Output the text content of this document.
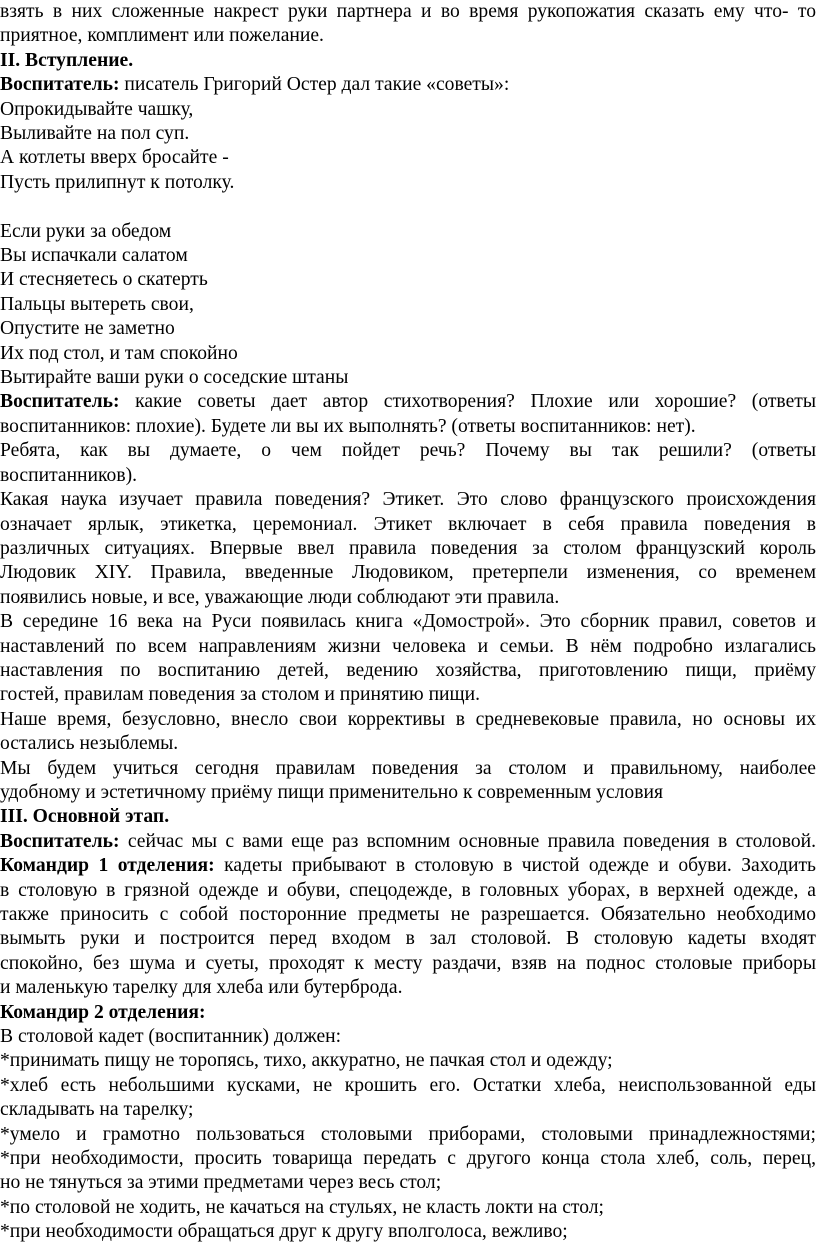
взять в них сложенные накрест руки партнера и во время рукопожатия сказать ему что- то

приятное, комплимент или пожелание.

II. Вступление.

Воспитатель: писатель Григорий Остер дал такие «советы»:

Опрокидывайте чашку,

Выливайте на пол суп.

А котлеты вверх бросайте -

Пусть прилипнут к потолку.

Если руки за обедом

Вы испачкали салатом

И стесняетесь о скатерть

Пальцы вытереть свои,

Опустите не заметно

Их под стол, и там спокойно

Вытирайте ваши руки о соседские штаны

Воспитатель: какие советы дает автор стихотворения? Плохие или хорошие? (ответы

воспитанников: плохие). Будете ли вы их выполнять? (ответы воспитанников: нет).

Ребята, как вы думаете, о чем пойдет речь? Почему вы так решили? (ответы

воспитанников).

Какая наука изучает правила поведения? Этикет. Это слово французского происхождения

означает ярлык, этикетка, церемониал. Этикет включает в себя правила поведения в

различных ситуациях. Впервые ввел правила поведения за столом французский король

Людовик XIY. Правила, введенные Людовиком, претерпели изменения, со временем

появились новые, и все, уважающие люди соблюдают эти правила.

В середине 16 века на Руси появилась книга «Домострой». Это сборник правил, советов и

наставлений по всем направлениям жизни человека и семьи. В нём подробно излагались

наставления по воспитанию детей, ведению хозяйства, приготовлению пищи, приёму

гостей, правилам поведения за столом и принятию пищи.

Наше время, безусловно, внесло свои коррективы в средневековые правила, но основы их

остались незыблемы.

Мы будем учиться сегодня правилам поведения за столом и правильному, наиболее

удобному и эстетичному приёму пищи применительно к современным условия

III. Основной этап.

Воспитатель: сейчас мы с вами еще раз вспомним основные правила поведения в столовой.

Командир 1 отделения: кадеты прибывают в столовую в чистой одежде и обуви. Заходить

в столовую в грязной одежде и обуви, спецодежде, в головных уборах, в верхней одежде, а

также приносить с собой посторонние предметы не разрешается. Обязательно необходимо

вымыть руки и построится перед входом в зал столовой. В столовую кадеты входят

спокойно, без шума и суеты, проходят к месту раздачи, взяв на поднос столовые приборы

и маленькую тарелку для хлеба или бутерброда.

Командир 2 отделения:

В столовой кадет (воспитанник) должен:

*принимать пищу не торопясь, тихо, аккуратно, не пачкая стол и одежду;

*хлеб есть небольшими кусками, не крошить его. Остатки хлеба, неиспользованной еды

складывать на тарелку;

*умело и грамотно пользоваться столовыми приборами, столовыми принадлежностями;

*при необходимости, просить товарища передать с другого конца стола хлеб, соль, перец,

но не тянуться за этими предметами через весь стол;

*по столовой не ходить, не качаться на стульях, не класть локти на стол;

*при необходимости обращаться друг к другу вполголоса, вежливо;
